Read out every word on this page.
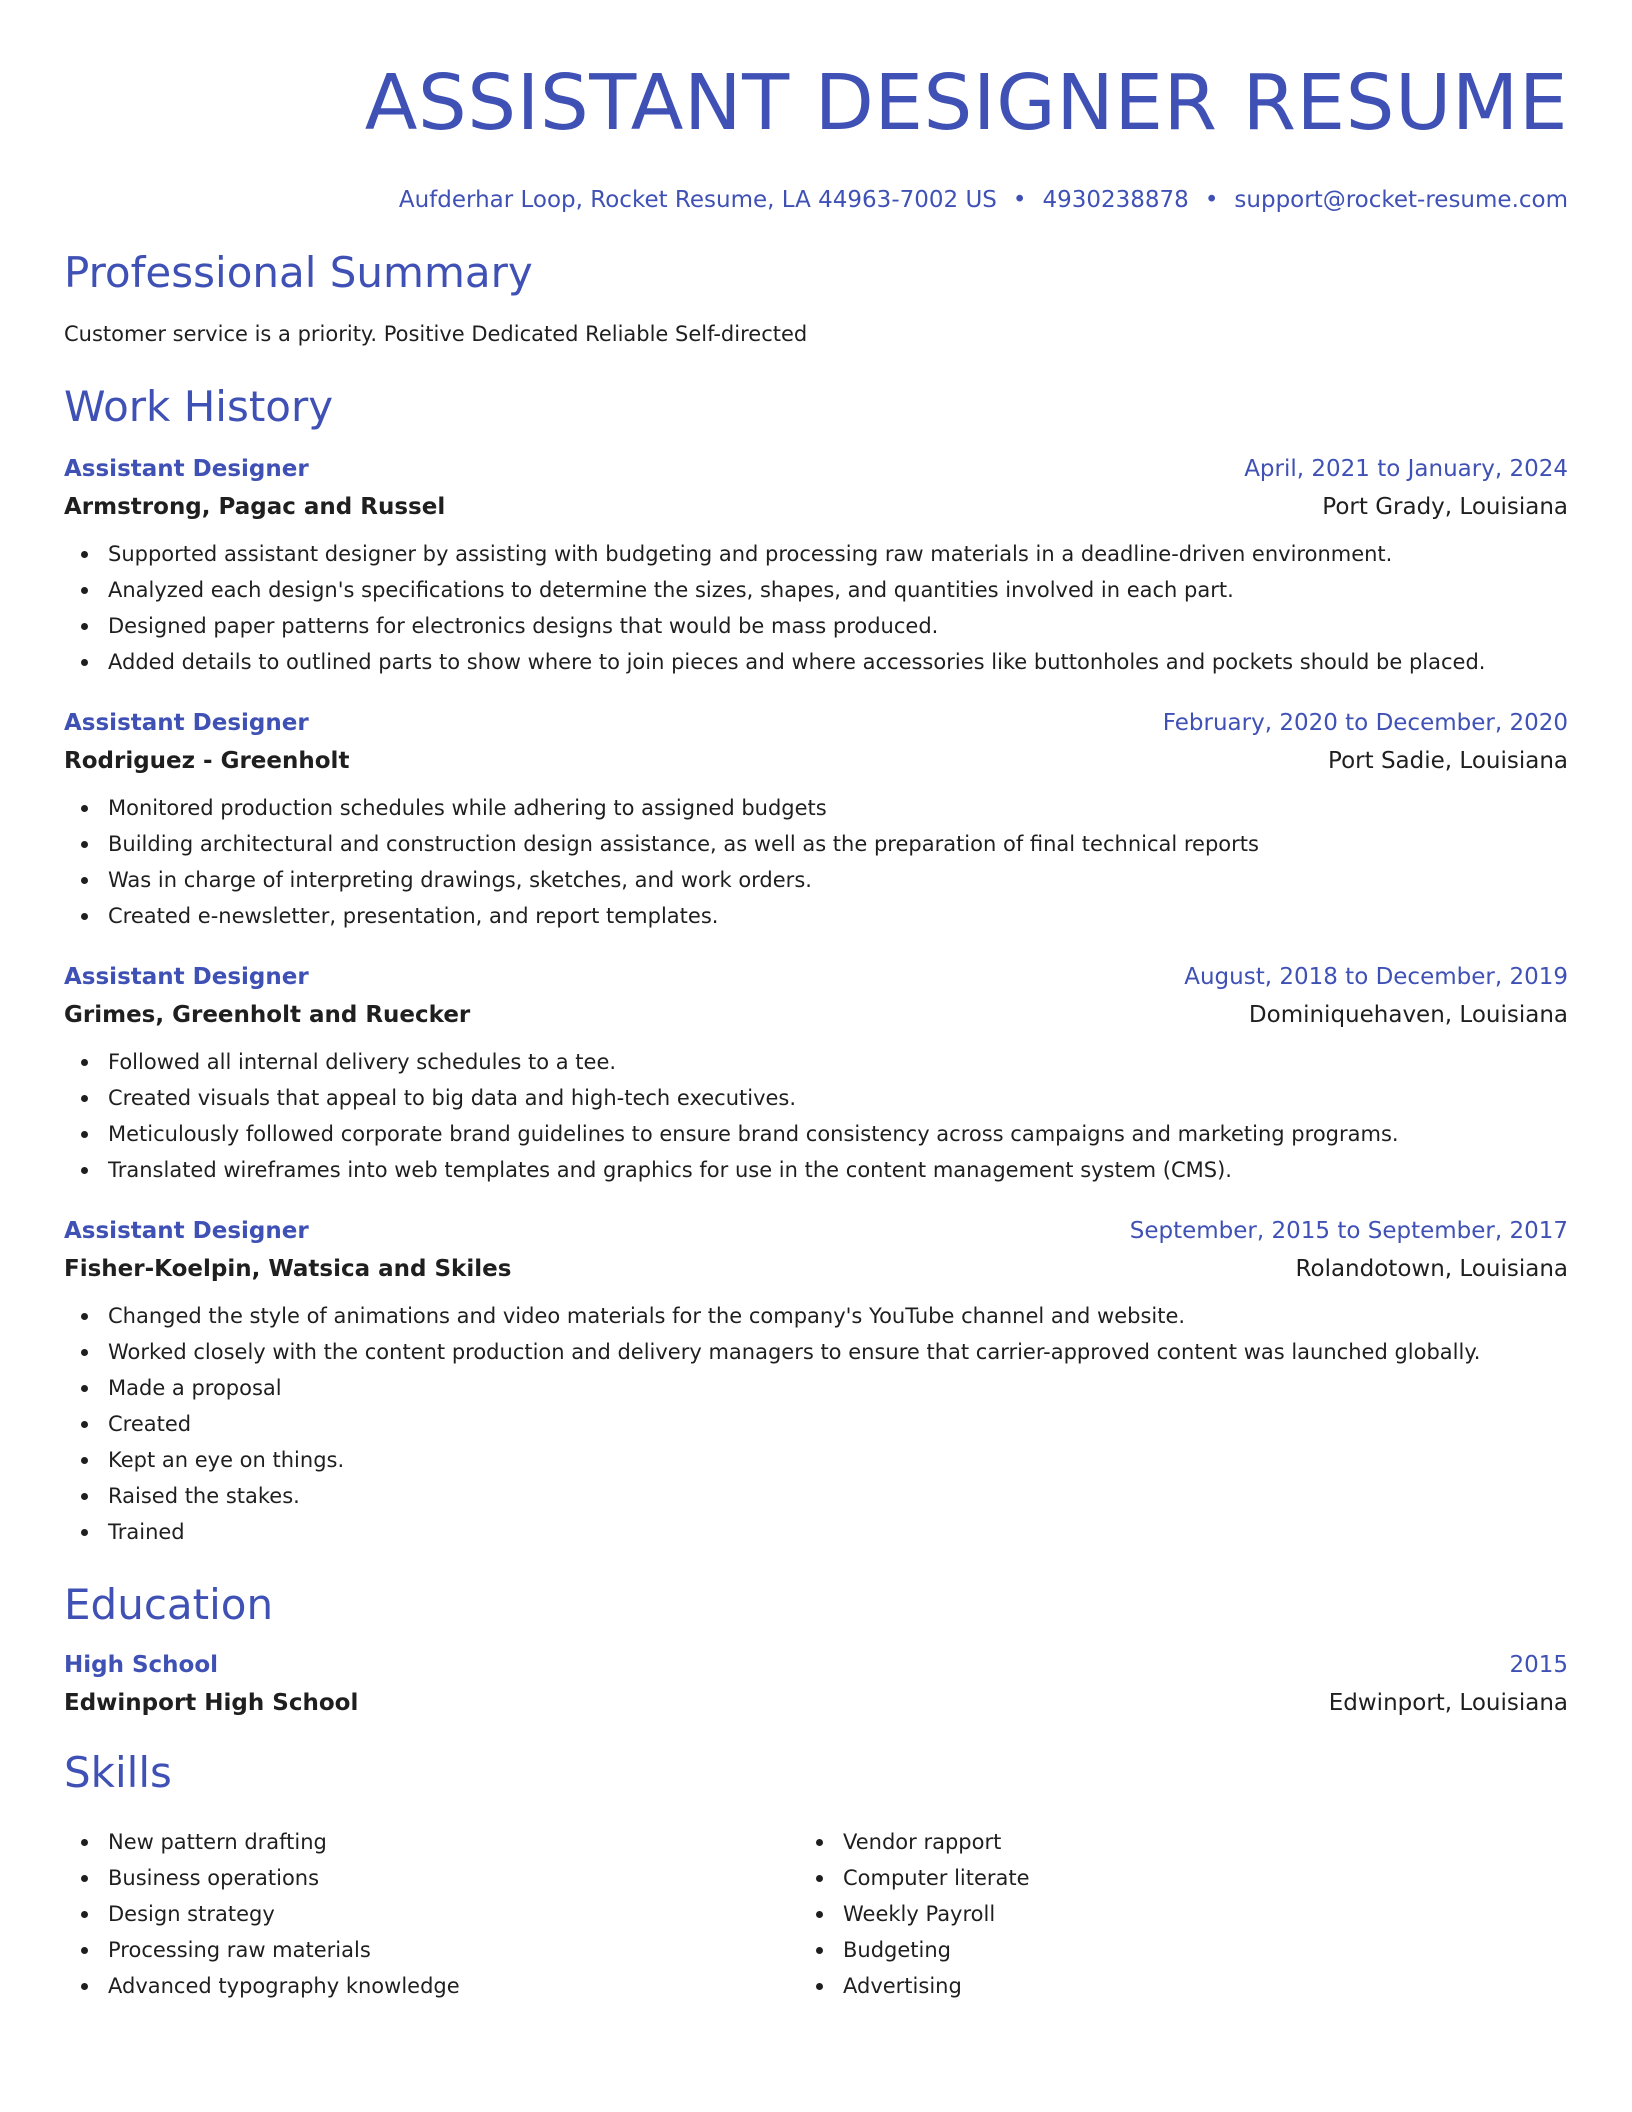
ASSISTANT DESIGNER RESUME
Aufderhar Loop, Rocket Resume, LA 44963-7002 US • 4930238878 • support@rocket-resume.com
Professional Summary

Customer service is a priority. Positive Dedicated Reliable Self-directed

Work History
Assistant Designer	April, 2021 to January, 2024
Armstrong, Pagac and Russel	Port Grady, Louisiana
Supported assistant designer by assisting with budgeting and processing raw materials in a deadline-driven environment.
Analyzed each design's specifications to determine the sizes, shapes, and quantities involved in each part.
Designed paper patterns for electronics designs that would be mass produced.
Added details to outlined parts to show where to join pieces and where accessories like buttonholes and pockets should be placed.
Assistant Designer	February, 2020 to December, 2020
Rodriguez - Greenholt	Port Sadie, Louisiana
Monitored production schedules while adhering to assigned budgets
Building architectural and construction design assistance, as well as the preparation of final technical reports
Was in charge of interpreting drawings, sketches, and work orders.
Created e-newsletter, presentation, and report templates.
Assistant Designer	August, 2018 to December, 2019
Grimes, Greenholt and Ruecker	Dominiquehaven, Louisiana
Followed all internal delivery schedules to a tee.
Created visuals that appeal to big data and high-tech executives.
Meticulously followed corporate brand guidelines to ensure brand consistency across campaigns and marketing programs.
Translated wireframes into web templates and graphics for use in the content management system (CMS).
Assistant Designer	September, 2015 to September, 2017
Fisher-Koelpin, Watsica and Skiles	Rolandotown, Louisiana
Changed the style of animations and video materials for the company's YouTube channel and website.
Worked closely with the content production and delivery managers to ensure that carrier-approved content was launched globally.
Made a proposal
Created
Kept an eye on things.
Raised the stakes.
Trained
Education
High School	2015
Edwinport High School	Edwinport, Louisiana
Skills
New pattern drafting
Business operations
Design strategy
Processing raw materials
Advanced typography knowledge
Vendor rapport
Computer literate
Weekly Payroll
Budgeting
Advertising
